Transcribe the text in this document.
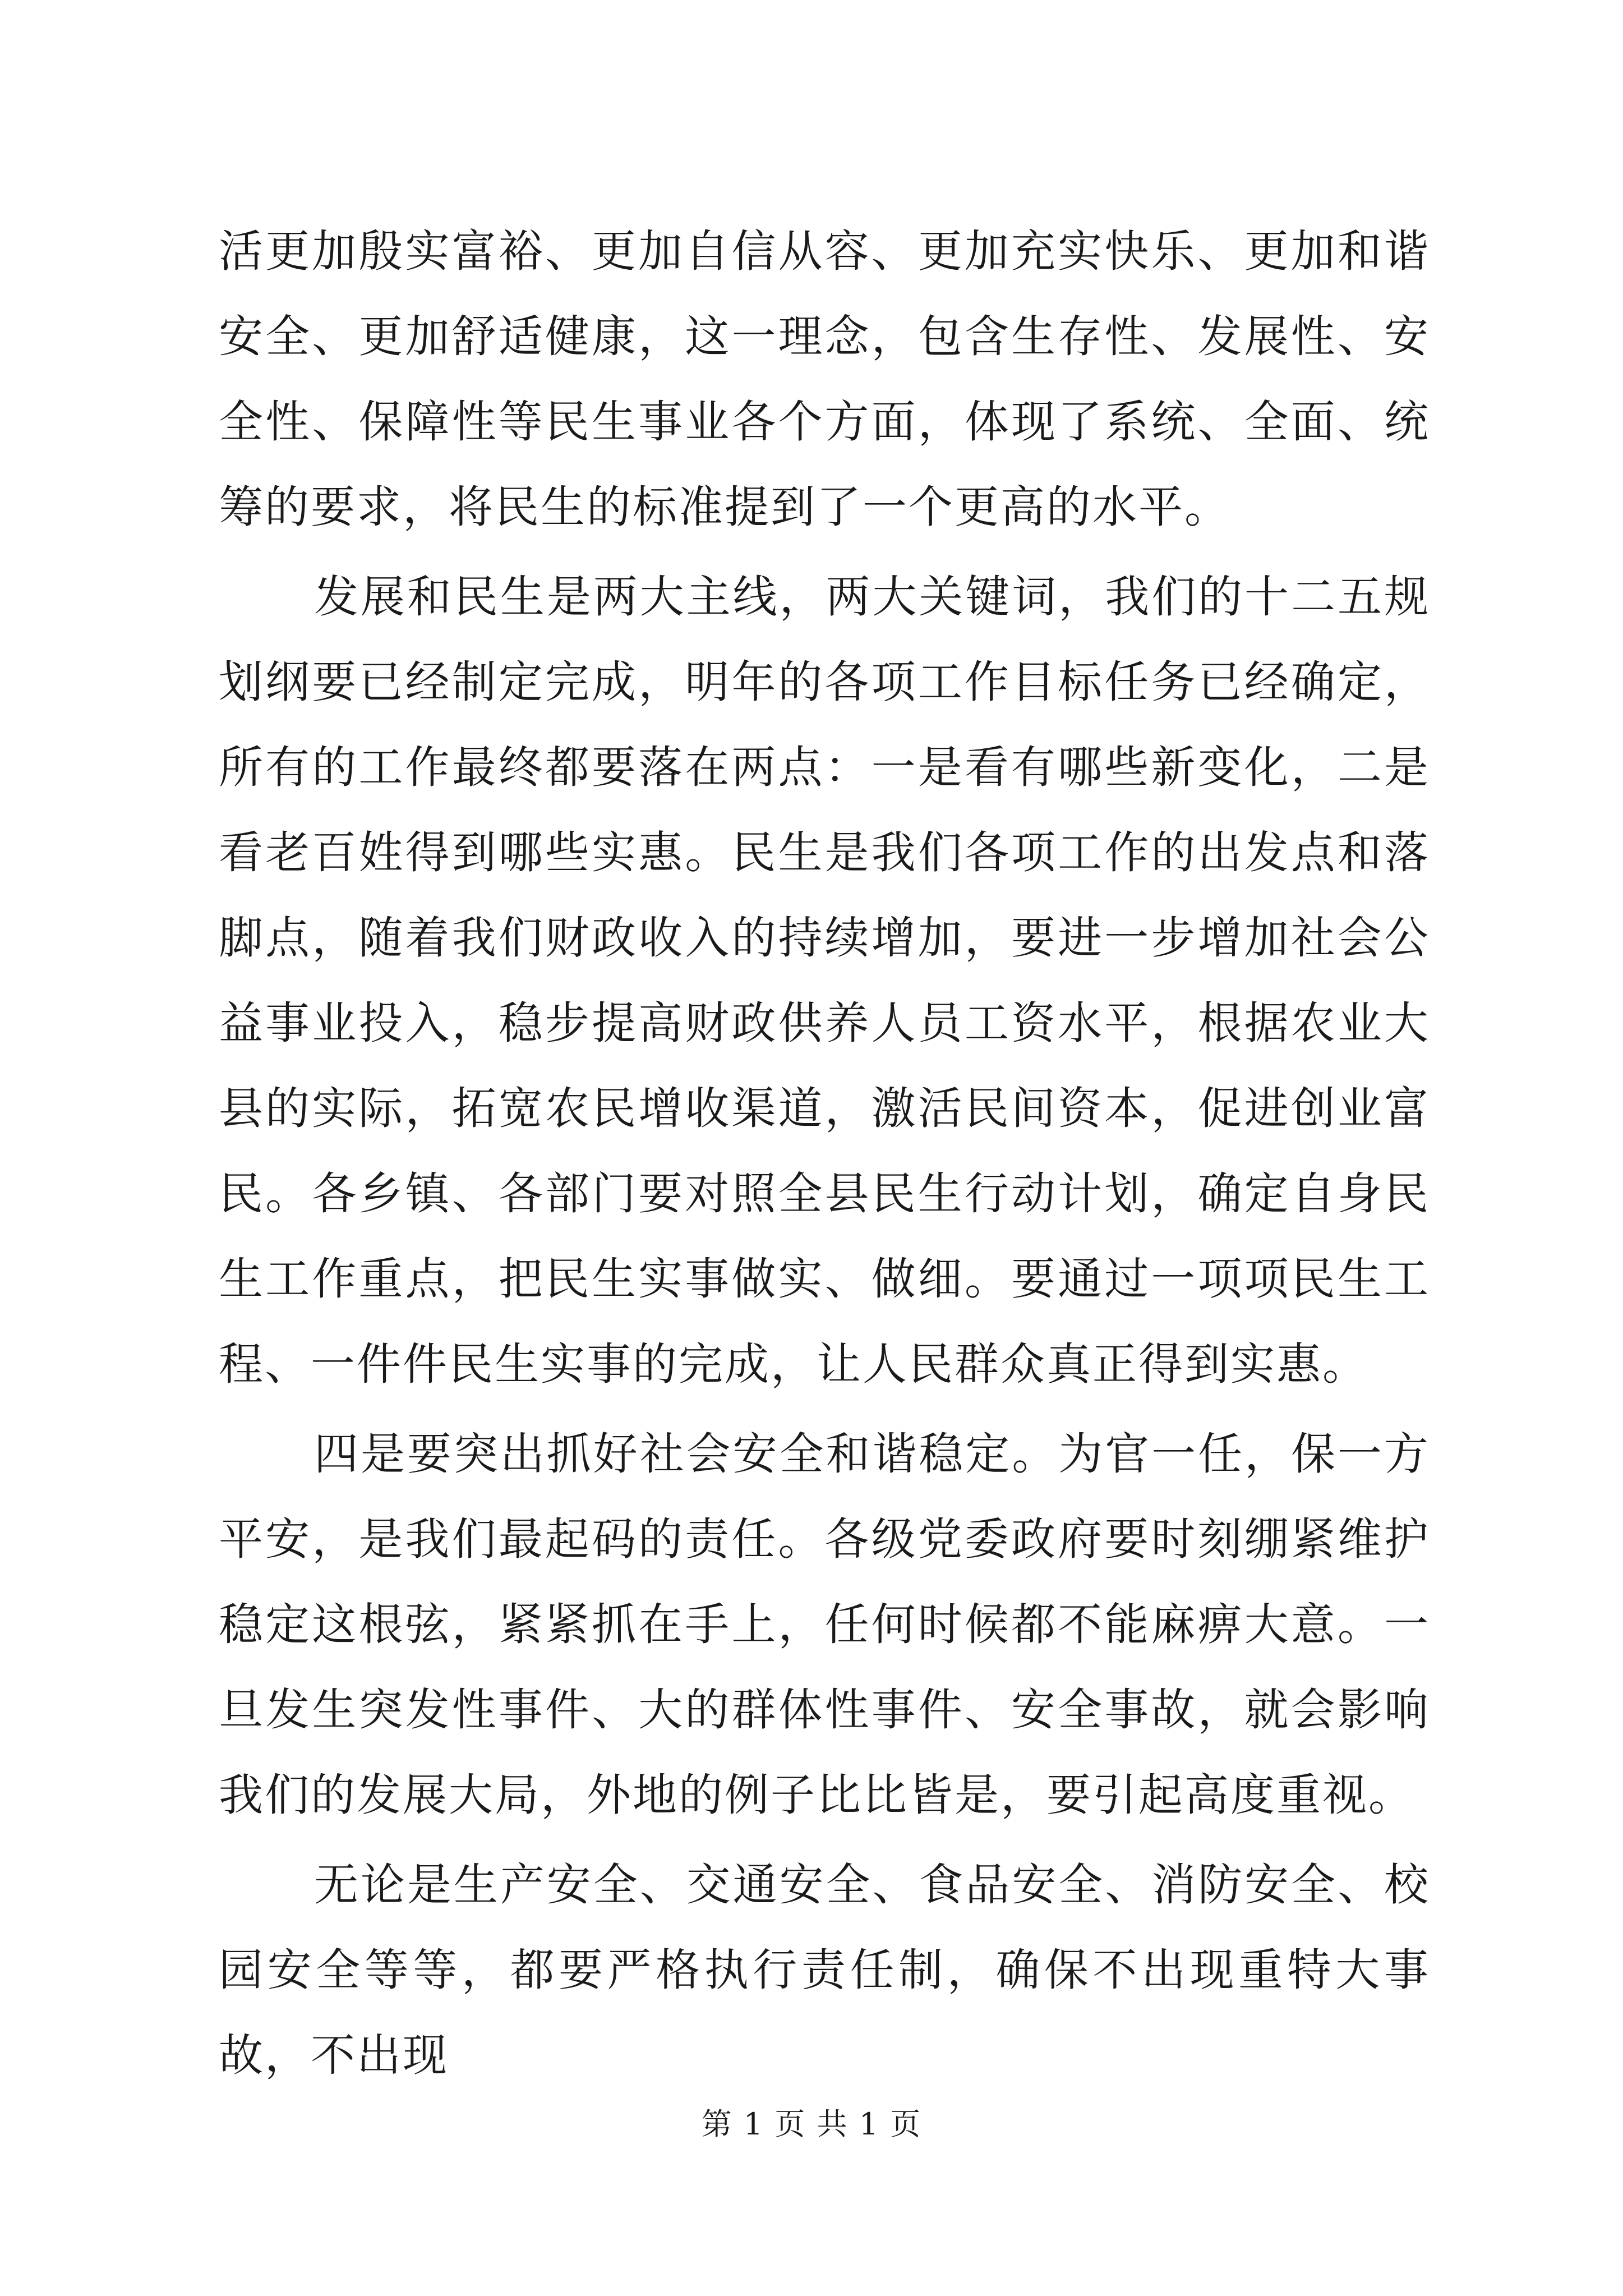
活更加殷实富裕、更加自信从容、更加充实快乐、更加和谐安全、更加舒适健康，这一理念，包含生存性、发展性、安全性、保障性等民生事业各个方面，体现了系统、全面、统筹的要求，将民生的标准提到了一个更高的水平。

发展和民生是两大主线，两大关键词，我们的十二五规划纲要已经制定完成，明年的各项工作目标任务已经确定，所有的工作最终都要落在两点：一是看有哪些新变化，二是看老百姓得到哪些实惠。民生是我们各项工作的出发点和落脚点，随着我们财政收入的持续增加，要进一步增加社会公益事业投入，稳步提高财政供养人员工资水平，根据农业大县的实际，拓宽农民增收渠道，激活民间资本，促进创业富民。各乡镇、各部门要对照全县民生行动计划，确定自身民生工作重点，把民生实事做实、做细。要通过一项项民生工程、一件件民生实事的完成，让人民群众真正得到实惠。

四是要突出抓好社会安全和谐稳定。为官一任，保一方平安，是我们最起码的责任。各级党委政府要时刻绷紧维护稳定这根弦，紧紧抓在手上，任何时候都不能麻痹大意。一旦发生突发性事件、大的群体性事件、安全事故，就会影响我们的发展大局，外地的例子比比皆是，要引起高度重视。

无论是生产安全、交通安全、食品安全、消防安全、校园安全等等，都要严格执行责任制，确保不出现重特大事故，不出现

第 1 页 共 1 页
